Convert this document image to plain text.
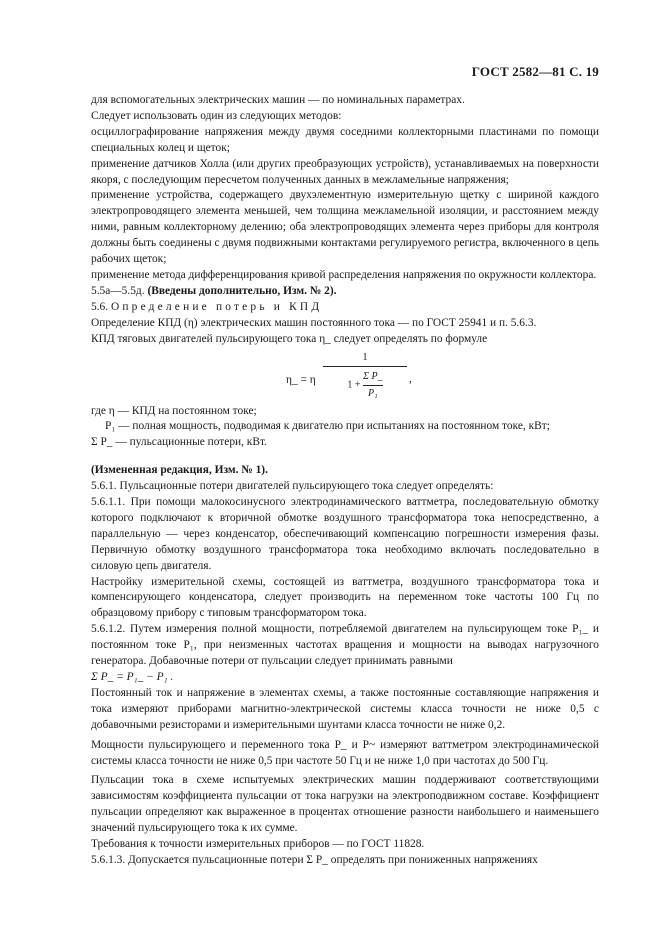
ГОСТ 2582—81 С. 19

для вспомогательных электрических машин — по номинальных параметрах.

Следует использовать один из следующих методов:

осциллографирование напряжения между двумя соседними коллекторными пластинами по помощи специальных колец и щеток;

применение датчиков Холла (или других преобразующих устройств), устанавливаемых на поверхности якоря, с последующим пересчетом полученных данных в межламельные напряжения;

применение устройства, содержащего двухэлементную измерительную щетку с шириной каждого электропроводящего элемента меньшей, чем толщина межламельной изоляции, и расстоянием между ними, равным коллекторному делению; оба электропроводящих элемента через приборы для контроля должны быть соединены с двумя подвижными контактами регулируемого регистра, включенного в цепь рабочих щеток;

применение метода дифференцирования кривой распределения напряжения по окружности коллектора.

5.5а—5.5д. (Введены дополнительно, Изм. № 2).

5.6. Определение потерь и КПД

Определение КПД (η) электрических машин постоянного тока — по ГОСТ 25941 и п. 5.6.3.

КПД тяговых двигателей пульсирующего тока η_ следует определять по формуле

η_ = η $\frac{1}{1 + \frac{\text{Σ P\_}}{\text{P₁}}}$ ,

где η — КПД на постоянном токе;

P₁ — полная мощность, подводимая к двигателю при испытаниях на постоянном токе, кВт;

Σ P_ — пульсационные потери, кВт.

(Измененная редакция, Изм. № 1).

5.6.1. Пульсационные потери двигателей пульсирующего тока следует определять:

5.6.1.1. При помощи малокосинусного электродинамического ваттметра, последовательную обмотку которого подключают к вторичной обмотке воздушного трансформатора тока непосредственно, а параллельную — через конденсатор, обеспечивающий компенсацию погрешности измерения фазы. Первичную обмотку воздушного трансформатора тока необходимо включать последовательно в силовую цепь двигателя.

Настройку измерительной схемы, состоящей из ваттметра, воздушного трансформатора тока и компенсирующего конденсатора, следует производить на переменном токе частоты 100 Гц по образцовому прибору с типовым трансформатором тока.

5.6.1.2. Путем измерения полной мощности, потребляемой двигателем на пульсирующем токе P₁_ и постоянном токе P₁, при неизменных частотах вращения и мощности на выводах нагрузочного генератора. Добавочные потери от пульсации следует принимать равными

Σ P_ = P₁_ − P₁ .

Постоянный ток и напряжение в элементах схемы, а также постоянные составляющие напряжения и тока измеряют приборами магнитно-электрической системы класса точности не ниже 0,5 с добавочными резисторами и измерительными шунтами класса точности не ниже 0,2.

Мощности пульсирующего и переменного тока P_ и P~ измеряют ваттметром электродинамической системы класса точности не ниже 0,5 при частоте 50 Гц и не ниже 1,0 при частотах до 500 Гц.

Пульсации тока в схеме испытуемых электрических машин поддерживают соответствующими зависимостям коэффициента пульсации от тока нагрузки на электроподвижном составе. Коэффициент пульсации определяют как выраженное в процентах отношение разности наибольшего и наименьшего значений пульсирующего тока к их сумме.

Требования к точности измерительных приборов — по ГОСТ 11828.

5.6.1.3. Допускается пульсационные потери Σ P_ определять при пониженных напряжениях
